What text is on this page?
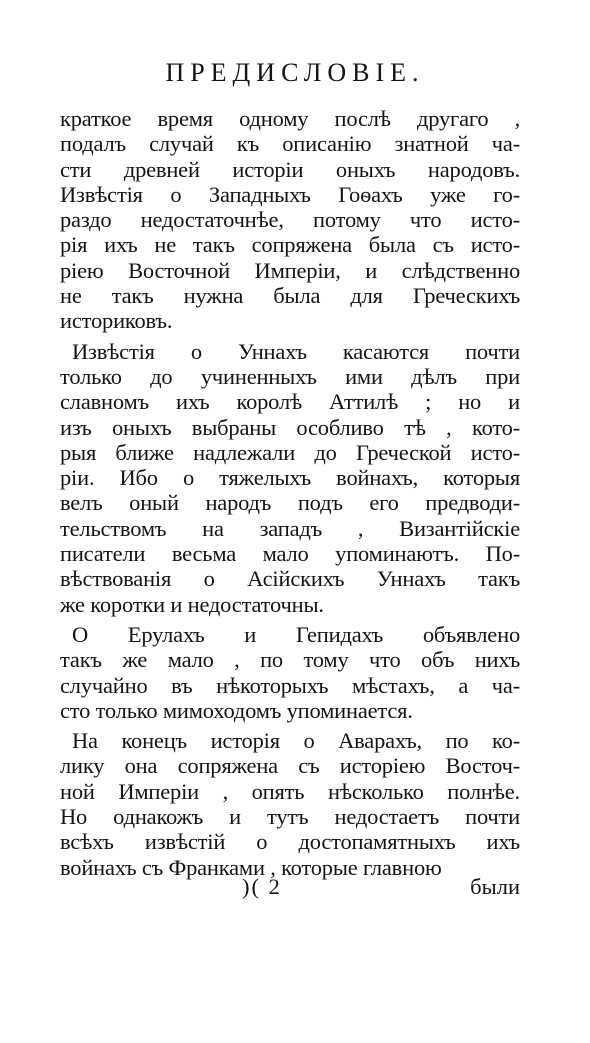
ПРЕДИСЛОВІЕ.
краткое время одному послѣ другаго ,
подалъ случай къ описанію знатной ча-
сти древней исторіи оныхъ народовъ.
Извѣстія о Западныхъ Гоѳахъ уже го-
раздо недостаточнѣе, потому что исто-
рія ихъ не такъ сопряжена была съ исто-
ріею Восточной Имперіи, и слѣдственно
не такъ нужна была для Греческихъ
историковъ.
Извѣстія о Уннахъ касаются почти
только до учиненныхъ ими дѣлъ при
славномъ ихъ королѣ Аттилѣ ; но и
изъ оныхъ выбраны особливо тѣ , кото-
рыя ближе надлежали до Греческой исто-
ріи. Ибо о тяжелыхъ войнахъ, которыя
велъ оный народъ подъ его предводи-
тельствомъ на западъ , Византійскіе
писатели весьма мало упоминаютъ. По-
вѣствованія о Асійскихъ Уннахъ такъ
же коротки и недостаточны.
О Ерулахъ и Гепидахъ объявлено
такъ же мало , по тому что объ нихъ
случайно въ нѣкоторыхъ мѣстахъ, а ча-
сто только мимоходомъ упоминается.
На конецъ исторія о Аварахъ, по ко-
лику она сопряжена съ исторіею Восточ-
ной Имперіи , опять нѣсколько полнѣе.
Но однакожъ и тутъ недостаетъ почти
всѣхъ извѣстій о достопамятныхъ ихъ
войнахъ съ Франками , которые главною
)( 2	были
